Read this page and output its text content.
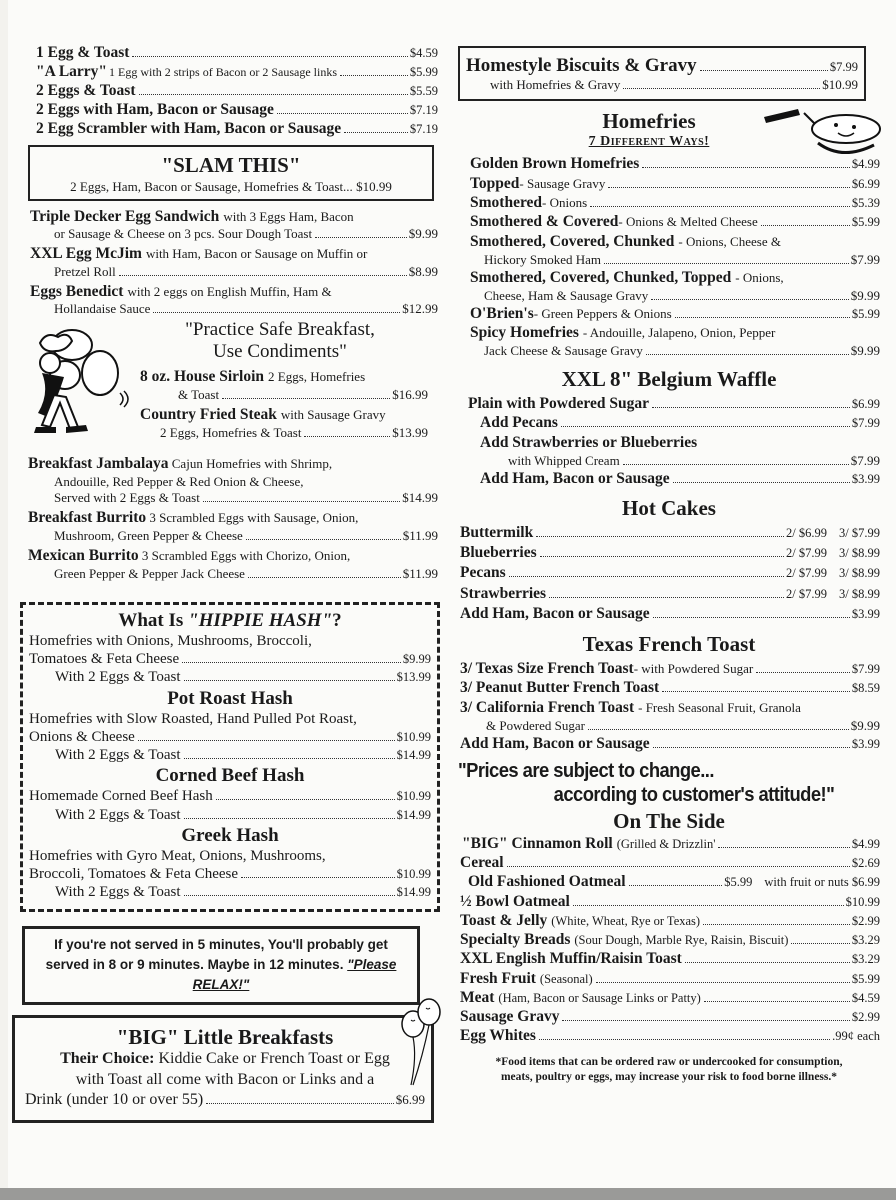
1 Egg & Toast	$4.59
"A Larry" 1 Egg with 2 strips of Bacon or 2 Sausage links	$5.99
2 Eggs & Toast	$5.59
2 Eggs with Ham, Bacon or Sausage	$7.19
2 Egg Scrambler with Ham, Bacon or Sausage	$7.19
"SLAM THIS"
2 Eggs, Ham, Bacon or Sausage, Homefries & Toast... $10.99
Triple Decker Egg Sandwich with 3 Eggs Ham, Bacon
or Sausage & Cheese on 3 pcs. Sour Dough Toast	$9.99
XXL Egg McJim with Ham, Bacon or Sausage on Muffin or
Pretzel Roll	$8.99
Eggs Benedict with 2 eggs on English Muffin, Ham &
Hollandaise Sauce	$12.99
"Practice Safe Breakfast,
Use Condiments"
8 oz. House Sirloin 2 Eggs, Homefries
& Toast	$16.99
Country Fried Steak with Sausage Gravy
2 Eggs, Homefries & Toast	$13.99
Breakfast Jambalaya Cajun Homefries with Shrimp,
Andouille, Red Pepper & Red Onion & Cheese,
Served with 2 Eggs & Toast	$14.99
Breakfast Burrito 3 Scrambled Eggs with Sausage, Onion,
Mushroom, Green Pepper & Cheese	$11.99
Mexican Burrito 3 Scrambled Eggs with Chorizo, Onion,
Green Pepper & Pepper Jack Cheese	$11.99
What Is "HIPPIE HASH"?
Homefries with Onions, Mushrooms, Broccoli,
Tomatoes & Feta Cheese	$9.99
With 2 Eggs & Toast	$13.99
Pot Roast Hash
Homefries with Slow Roasted, Hand Pulled Pot Roast,
Onions & Cheese	$10.99
With 2 Eggs & Toast	$14.99
Corned Beef Hash
Homemade Corned Beef Hash	$10.99
With 2 Eggs & Toast	$14.99
Greek Hash
Homefries with Gyro Meat, Onions, Mushrooms,
Broccoli, Tomatoes & Feta Cheese	$10.99
With 2 Eggs & Toast	$14.99
If you're not served in 5 minutes, You'll probably get
served in 8 or 9 minutes. Maybe in 12 minutes. "Please RELAX!"
"BIG" Little Breakfasts
Their Choice: Kiddie Cake or French Toast or Egg
with Toast all come with Bacon or Links and a
Drink (under 10 or over 55)	$6.99
Homestyle Biscuits & Gravy	$7.99
with Homefries & Gravy	$10.99
Homefries
7 Different Ways!
Golden Brown Homefries	$4.99
Topped - Sausage Gravy	$6.99
Smothered - Onions	$5.39
Smothered & Covered - Onions & Melted Cheese	$5.99
Smothered, Covered, Chunked - Onions, Cheese &
Hickory Smoked Ham	$7.99
Smothered, Covered, Chunked, Topped - Onions,
Cheese, Ham & Sausage Gravy	$9.99
O'Brien's - Green Peppers & Onions	$5.99
Spicy Homefries - Andouille, Jalapeno, Onion, Pepper
Jack Cheese & Sausage Gravy	$9.99
XXL 8" Belgium Waffle
Plain with Powdered Sugar	$6.99
Add Pecans	$7.99
Add Strawberries or Blueberries
with Whipped Cream	$7.99
Add Ham, Bacon or Sausage	$3.99
Hot Cakes
Buttermilk	2/ $6.99 3/ $7.99
Blueberries	2/ $7.99 3/ $8.99
Pecans	2/ $7.99 3/ $8.99
Strawberries	2/ $7.99 3/ $8.99
Add Ham, Bacon or Sausage	$3.99
Texas French Toast
3/ Texas Size French Toast - with Powdered Sugar	$7.99
3/ Peanut Butter French Toast	$8.59
3/ California French Toast - Fresh Seasonal Fruit, Granola
& Powdered Sugar	$9.99
Add Ham, Bacon or Sausage	$3.99
"Prices are subject to change...
according to customer's attitude!"
On The Side
"BIG" Cinnamon Roll (Grilled & Drizzlin'	$4.99
Cereal	$2.69
Old Fashioned Oatmeal	$5.99 with fruit or nuts $6.99
½ Bowl Oatmeal	$10.99
Toast & Jelly (White, Wheat, Rye or Texas)	$2.99
Specialty Breads (Sour Dough, Marble Rye, Raisin, Biscuit)	$3.29
XXL English Muffin/Raisin Toast	$3.29
Fresh Fruit (Seasonal)	$5.99
Meat (Ham, Bacon or Sausage Links or Patty)	$4.59
Sausage Gravy	$2.99
Egg Whites	.99¢ each
*Food items that can be ordered raw or undercooked for consumption,
meats, poultry or eggs, may increase your risk to food borne illness.*
